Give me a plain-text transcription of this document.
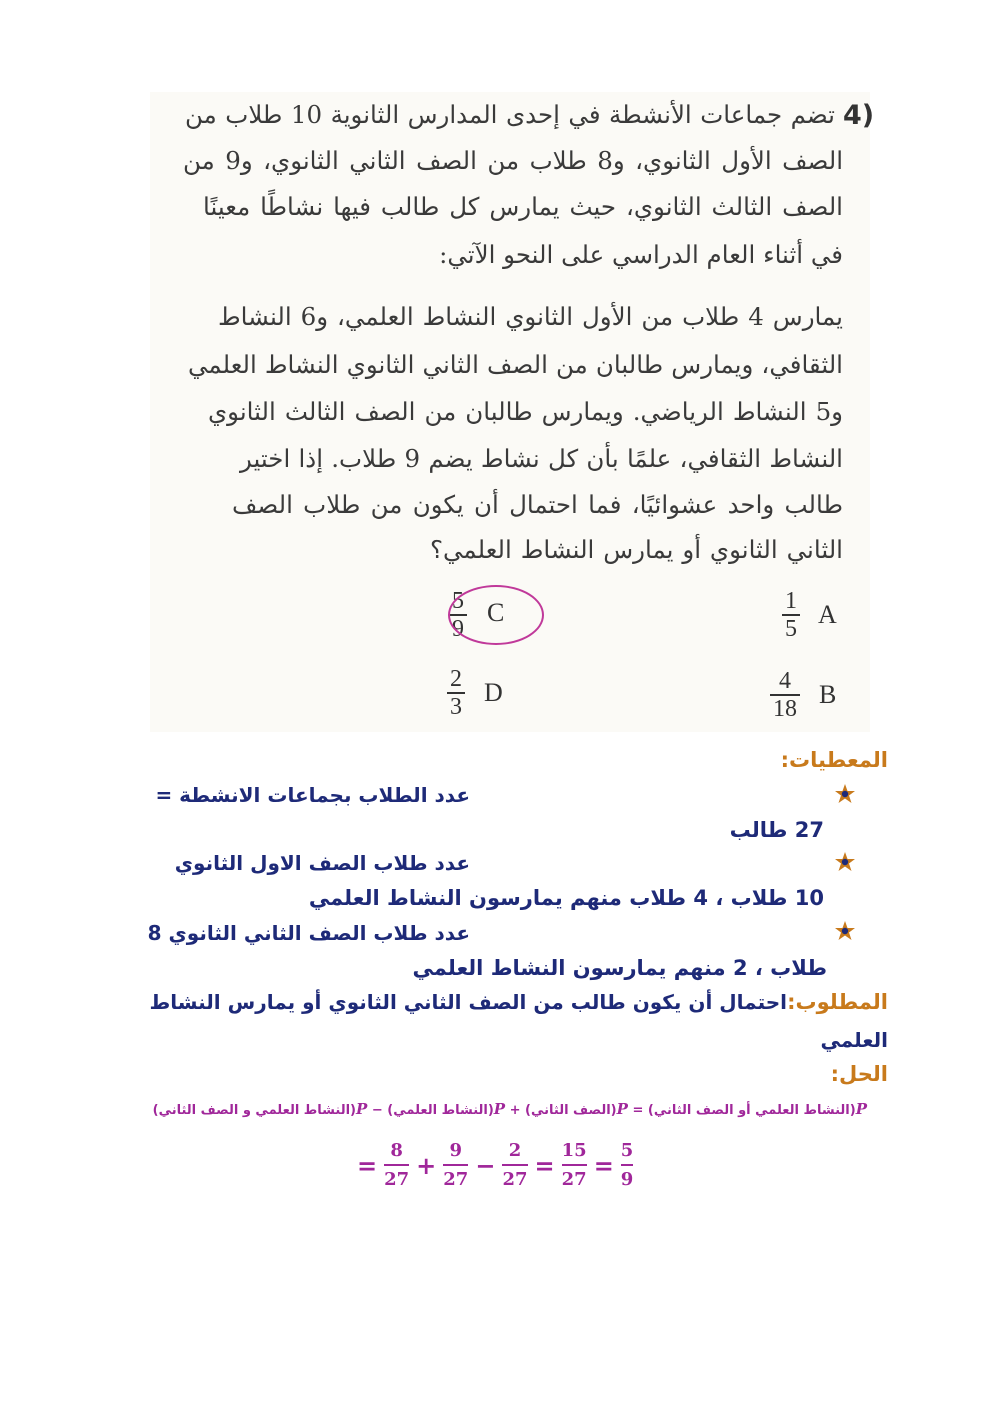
4)
تضم جماعات الأنشطة في إحدى المدارس الثانوية 10 طلاب من
الصف الأول الثانوي، و8 طلاب من الصف الثاني الثانوي، و9 من
الصف الثالث الثانوي، حيث يمارس كل طالب فيها نشاطًا معينًا
في أثناء العام الدراسي على النحو الآتي:
يمارس 4 طلاب من الأول الثانوي النشاط العلمي، و6 النشاط
الثقافي، ويمارس طالبان من الصف الثاني الثانوي النشاط العلمي
و5 النشاط الرياضي. ويمارس طالبان من الصف الثالث الثانوي
النشاط الثقافي، علمًا بأن كل نشاط يضم 9 طلاب. إذا اختير
طالب واحد عشوائيًا، فما احتمال أن يكون من طلاب الصف
الثاني الثانوي أو يمارس النشاط العلمي؟
5
9
C	1
5 A
2
3 D	4
18 B
المعطيات:
عدد الطلاب بجماعات الانشطة =
27 طالب
عدد طلاب الصف الاول الثانوي
10 طلاب ، 4 طلاب منهم يمارسون النشاط العلمي
عدد طلاب الصف الثاني الثانوي 8
طلاب ، 2 منهم يمارسون النشاط العلمي
المطلوب:
احتمال أن يكون طالب من الصف الثاني الثانوي أو يمارس النشاط
العلمي
الحل:
P(النشاط العلمي أو الصف الثاني) = P(الصف الثاني) + P(النشاط العلمي) − P(النشاط العلمي و الصف الثاني)
= 8
27 + 9
27 − 2
27 = 15
27 = 5
9
